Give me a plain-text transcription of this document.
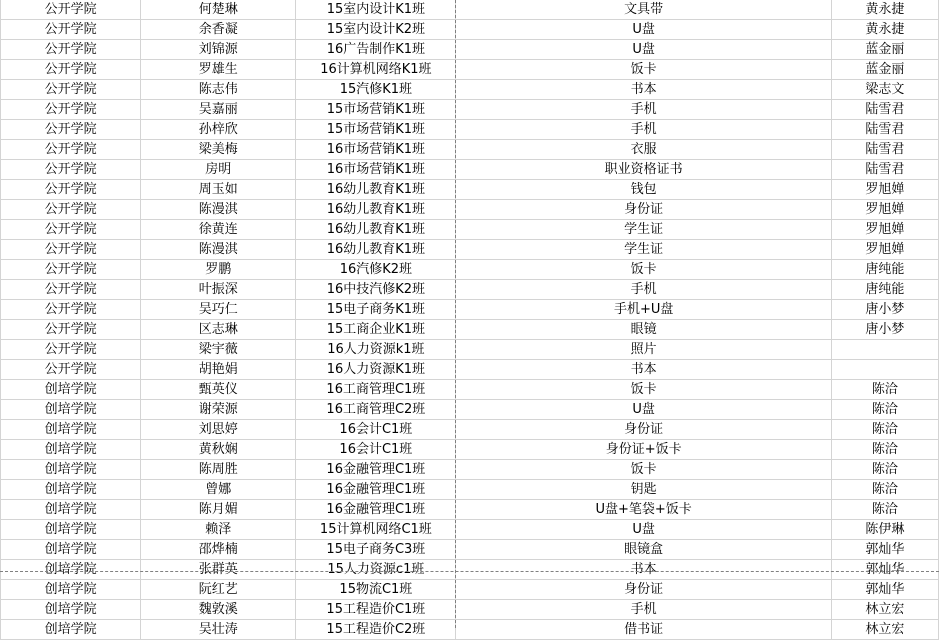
公开学院	何楚琳	15室内设计K1班	文具带	黄永捷
公开学院	余香凝	15室内设计K2班	U盘	黄永捷
公开学院	刘锦源	16广告制作K1班	U盘	蓝金丽
公开学院	罗雄生	16计算机网络K1班	饭卡	蓝金丽
公开学院	陈志伟	15汽修K1班	书本	梁志文
公开学院	吴嘉丽	15市场营销K1班	手机	陆雪君
公开学院	孙梓欣	15市场营销K1班	手机	陆雪君
公开学院	梁美梅	16市场营销K1班	衣服	陆雪君
公开学院	房明	16市场营销K1班	职业资格证书	陆雪君
公开学院	周玉如	16幼儿教育K1班	钱包	罗旭婵
公开学院	陈漫淇	16幼儿教育K1班	身份证	罗旭婵
公开学院	徐黄连	16幼儿教育K1班	学生证	罗旭婵
公开学院	陈漫淇	16幼儿教育K1班	学生证	罗旭婵
公开学院	罗鹏	16汽修K2班	饭卡	唐纯能
公开学院	叶振深	16中技汽修K2班	手机	唐纯能
公开学院	吴巧仁	15电子商务K1班	手机+U盘	唐小梦
公开学院	区志琳	15工商企业K1班	眼镜	唐小梦
公开学院	梁宇薇	16人力资源k1班	照片	
公开学院	胡艳娟	16人力资源K1班	书本	
创培学院	甄英仪	16工商管理C1班	饭卡	陈洽
创培学院	谢荣源	16工商管理C2班	U盘	陈洽
创培学院	刘思婷	16会计C1班	身份证	陈洽
创培学院	黄秋娴	16会计C1班	身份证+饭卡	陈洽
创培学院	陈周胜	16金融管理C1班	饭卡	陈洽
创培学院	曾娜	16金融管理C1班	钥匙	陈洽
创培学院	陈月媚	16金融管理C1班	U盘+笔袋+饭卡	陈洽
创培学院	赖泽	15计算机网络C1班	U盘	陈伊琳
创培学院	邵烨楠	15电子商务C3班	眼镜盒	郭灿华
创培学院	张群英	15人力资源c1班	书本	郭灿华
创培学院	阮红艺	15物流C1班	身份证	郭灿华
创培学院	魏敦溪	15工程造价C1班	手机	林立宏
创培学院	吴壮涛	15工程造价C2班	借书证	林立宏
